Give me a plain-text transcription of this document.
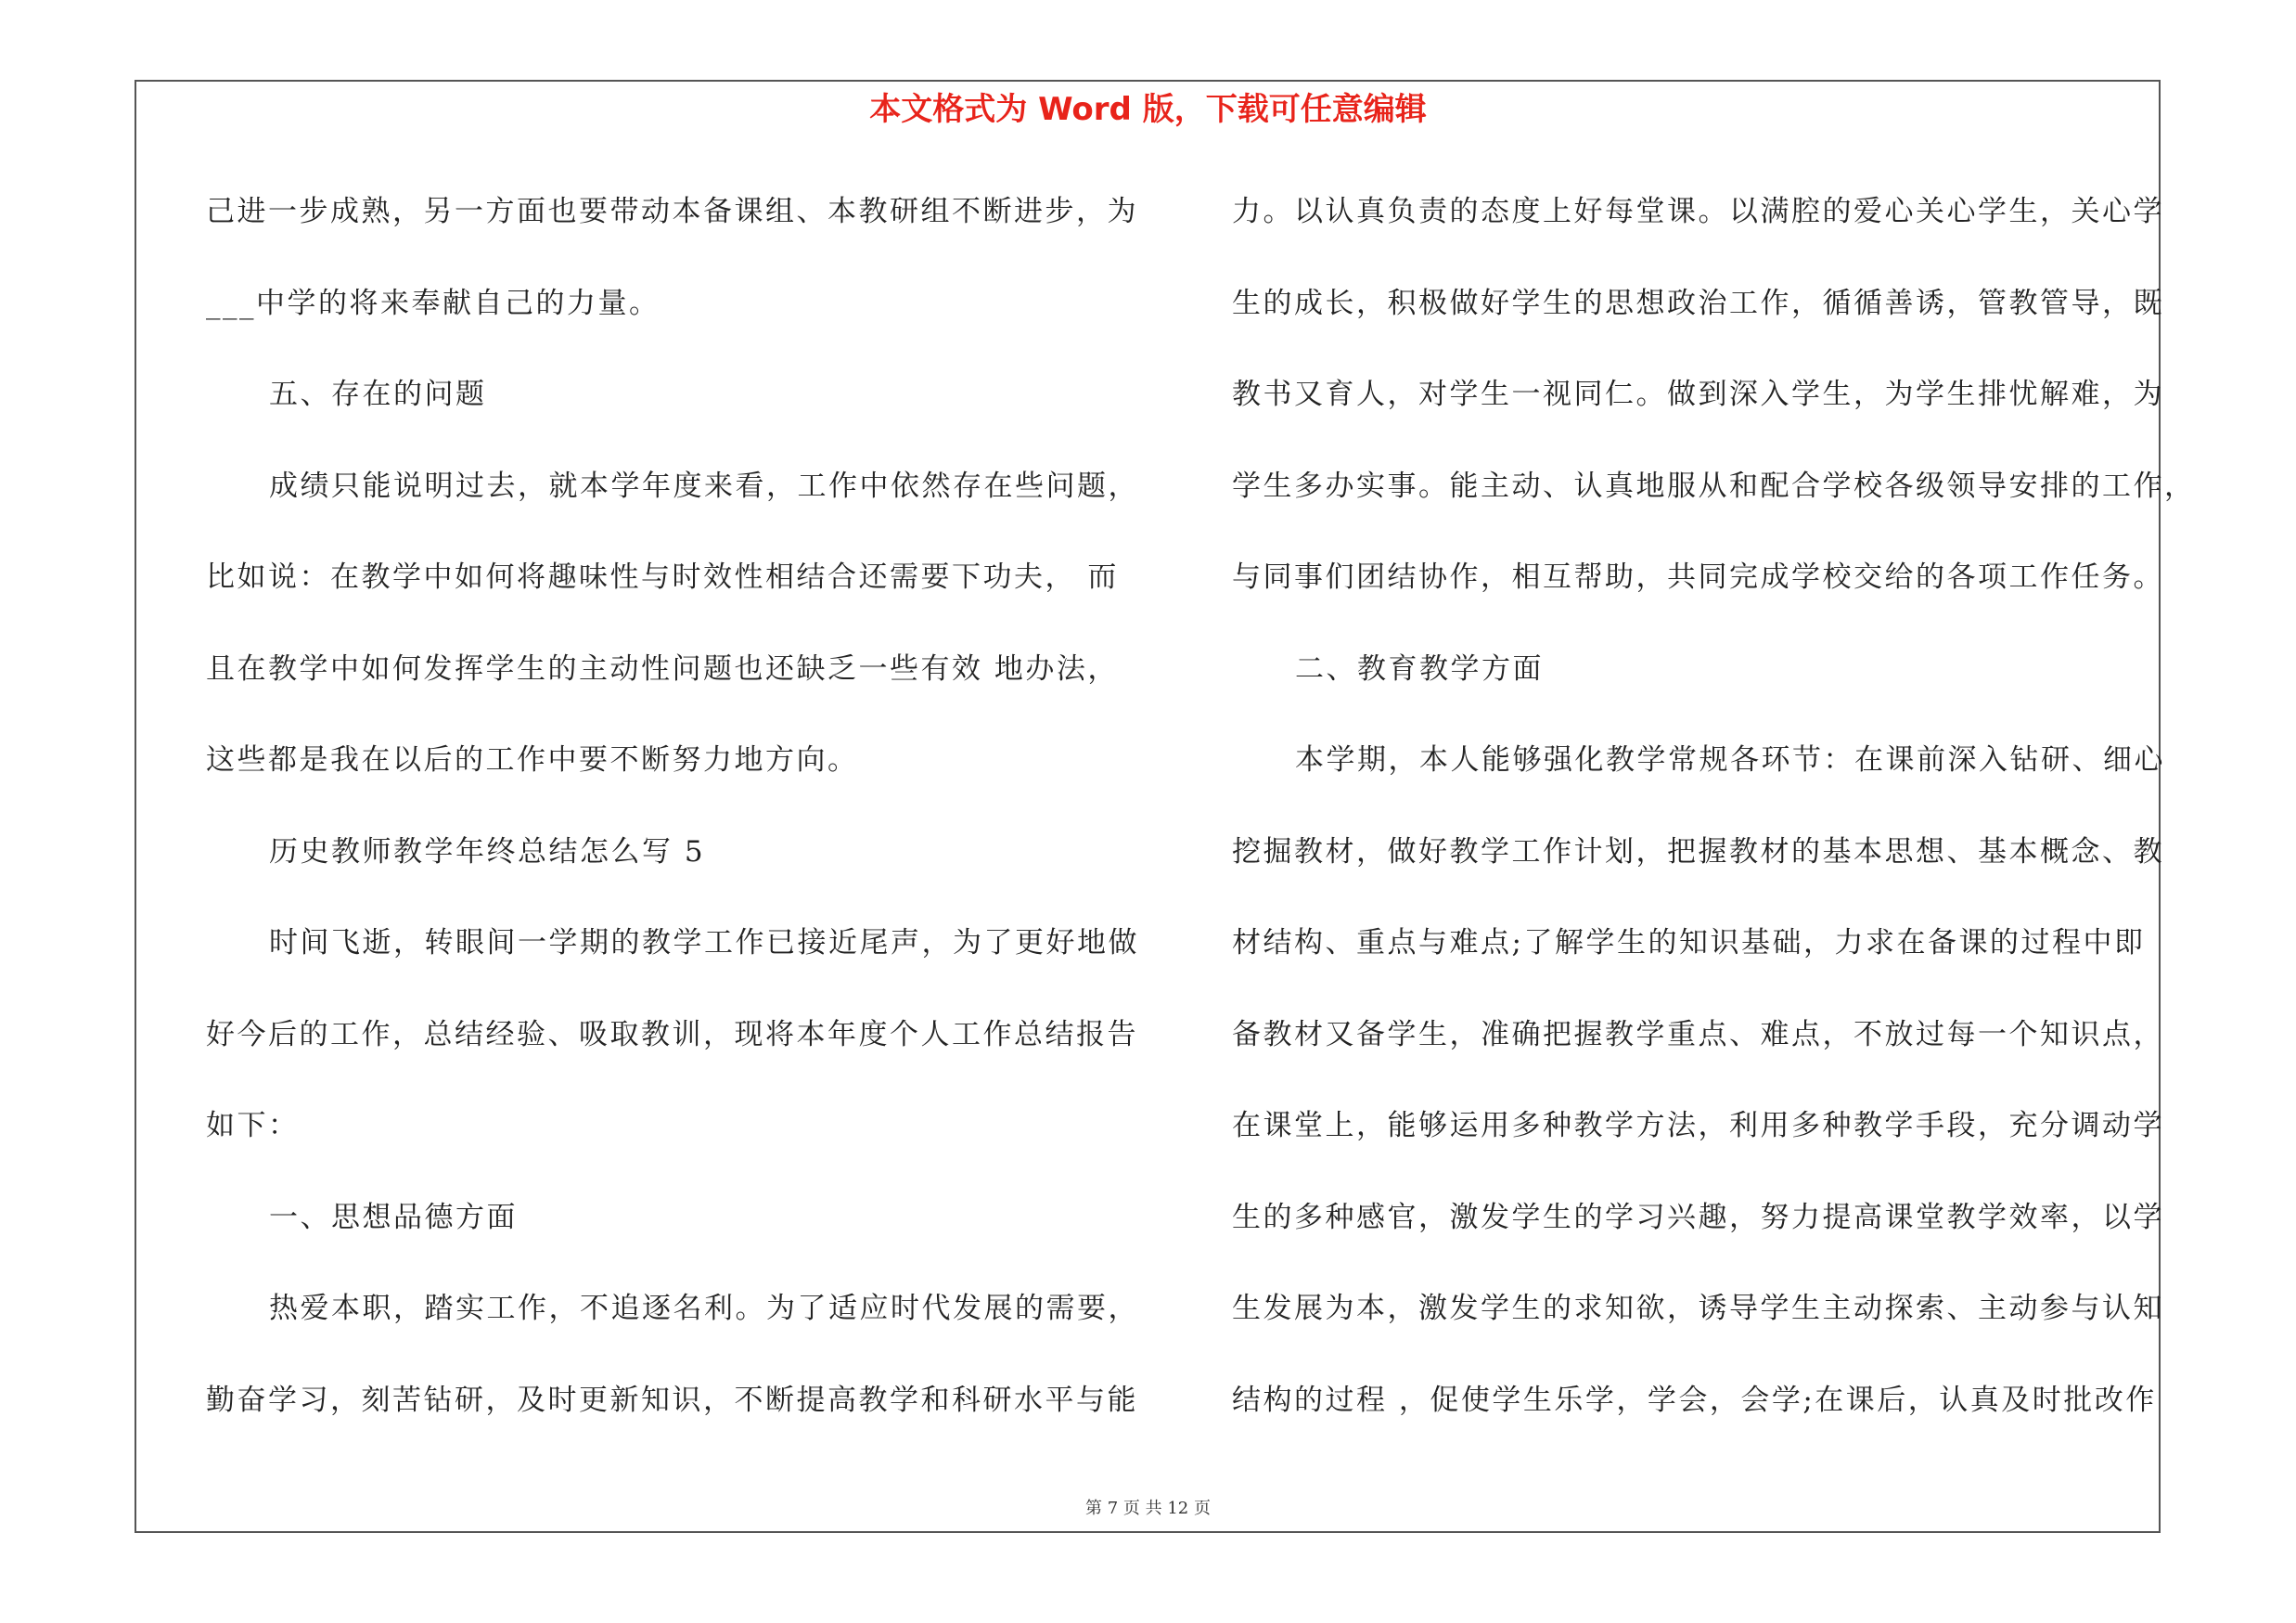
本文格式为 Word 版，下载可任意编辑
己进一步成熟，另一方面也要带动本备课组、本教研组不断进步，为
___中学的将来奉献自己的力量。
五、存在的问题
成绩只能说明过去，就本学年度来看，工作中依然存在些问题，
比如说：在教学中如何将趣味性与时效性相结合还需要下功夫， 而
且在教学中如何发挥学生的主动性问题也还缺乏一些有效 地办法，
这些都是我在以后的工作中要不断努力地方向。
历史教师教学年终总结怎么写 5
时间飞逝，转眼间一学期的教学工作已接近尾声，为了更好地做
好今后的工作，总结经验、吸取教训，现将本年度个人工作总结报告
如下：
一、思想品德方面
热爱本职，踏实工作，不追逐名利。为了适应时代发展的需要，
勤奋学习，刻苦钻研，及时更新知识，不断提高教学和科研水平与能
力。以认真负责的态度上好每堂课。以满腔的爱心关心学生，关心学
生的成长，积极做好学生的思想政治工作，循循善诱，管教管导，既
教书又育人，对学生一视同仁。做到深入学生，为学生排忧解难，为
学生多办实事。能主动、认真地服从和配合学校各级领导安排的工作，
与同事们团结协作，相互帮助，共同完成学校交给的各项工作任务。
二、教育教学方面
本学期，本人能够强化教学常规各环节：在课前深入钻研、细心
挖掘教材，做好教学工作计划，把握教材的基本思想、基本概念、教
材结构、重点与难点;了解学生的知识基础，力求在备课的过程中即
备教材又备学生，准确把握教学重点、难点，不放过每一个知识点，
在课堂上，能够运用多种教学方法，利用多种教学手段，充分调动学
生的多种感官，激发学生的学习兴趣，努力提高课堂教学效率，以学
生发展为本，激发学生的求知欲，诱导学生主动探索、主动参与认知
结构的过程 ，促使学生乐学，学会，会学;在课后，认真及时批改作
第 7 页 共 12 页
